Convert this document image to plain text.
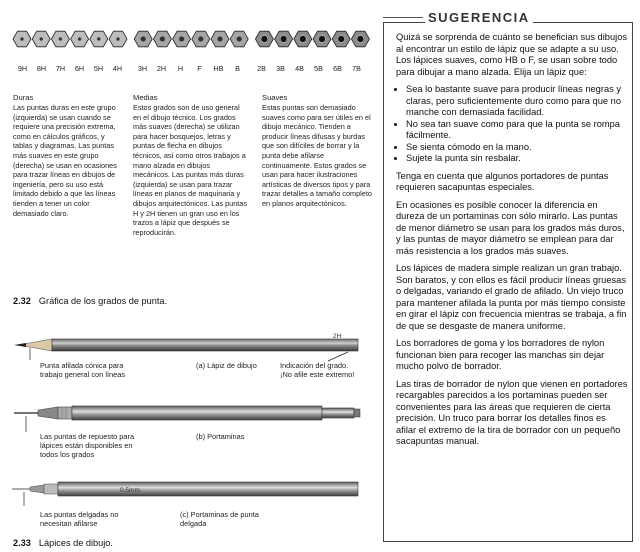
9H 8H 7H 6H 5H 4H	3H 2H H F HB B	2B 3B 4B 5B 6B 7B
Duras

Las puntas duras en este grupo (izquierda) se usan cuando se requiere una precisión extrema, como en cálculos gráficos, y tablas y diagramas. Las puntas más suaves en este grupo (derecha) se usan en ocasiones para trazar líneas en dibujos de ingeniería, pero su uso está limitado debido a que las líneas tienden a tener un color demasiado claro.

Medias

Estos grados son de uso general en el dibujo técnico. Los grados más suaves (derecha) se utilizan para hacer bosquejos, letras y puntas de flecha en dibujos técnicos, así como otros trabajos a mano alzada en dibujos mecánicos. Las puntas más duras (izquierda) se usan para trazar líneas en planos de maquinaria y dibujos arquitectónicos. Las puntas H y 2H tienen un gran uso en los trazos a lápiz que después se reproducirán.

Suaves

Estas puntas son demasiado suaves como para ser útiles en el dibujo mecánico. Tienden a producir líneas difusas y burdas que son difíciles de borrar y la punta debe afilarse continuamente. Estos grados se usan para hacer ilustraciones artísticas de diversos tipos y para trazar detalles a tamaño completo en planos arquitectónicos.

2.32 Gráfica de los grados de punta.
2H
0.5mm
Punta afilada cónica para trabajo general con líneas
(a) Lápiz de dibujo	Indicación del grado. ¡No afile este extremo!
Las puntas de repuesto para lápices están disponibles en todos los grados
(b) Portaminas
Las puntas delgadas no necesitan afilarse
(c) Portaminas de punta delgada
2.33 Lápices de dibujo.
SUGERENCIA

Quizá se sorprenda de cuánto se benefician sus dibujos al encontrar un estilo de lápiz que se adapte a su uso. Los lápices suaves, como HB o F, se usan sobre todo para dibujar a mano alzada. Elija un lápiz que:

• Sea lo bastante suave para producir líneas negras y claras, pero suficientemente duro como para que no manche con demasiada facilidad.
• No sea tan suave como para que la punta se rompa fácilmente.
• Se sienta cómodo en la mano.
• Sujete la punta sin resbalar.

Tenga en cuenta que algunos portadores de puntas requieren sacapuntas especiales.

En ocasiones es posible conocer la diferencia en dureza de un portaminas con sólo mirarlo. Las puntas de menor diámetro se usan para los grados más duros, y las puntas de mayor diámetro se emplean para dar más resistencia a los grados más suaves.

Los lápices de madera simple realizan un gran trabajo. Son baratos, y con ellos es fácil producir líneas gruesas o delgadas, variando el grado de afilado. Un viejo truco para mantener afilada la punta por más tiempo consiste en girar el lápiz con frecuencia mientras se trabaja, a fin de que se desgaste de manera uniforme.

Los borradores de goma y los borradores de nylon funcionan bien para recoger las manchas sin dejar mucho polvo de borrador.

Las tiras de borrador de nylon que vienen en portadores recargables parecidos a los portaminas pueden ser convenientes para las áreas que requieren de cierta precisión. Un truco para borrar los detalles finos es afilar el extremo de la tira de borrador con un pequeño sacapuntas manual.
